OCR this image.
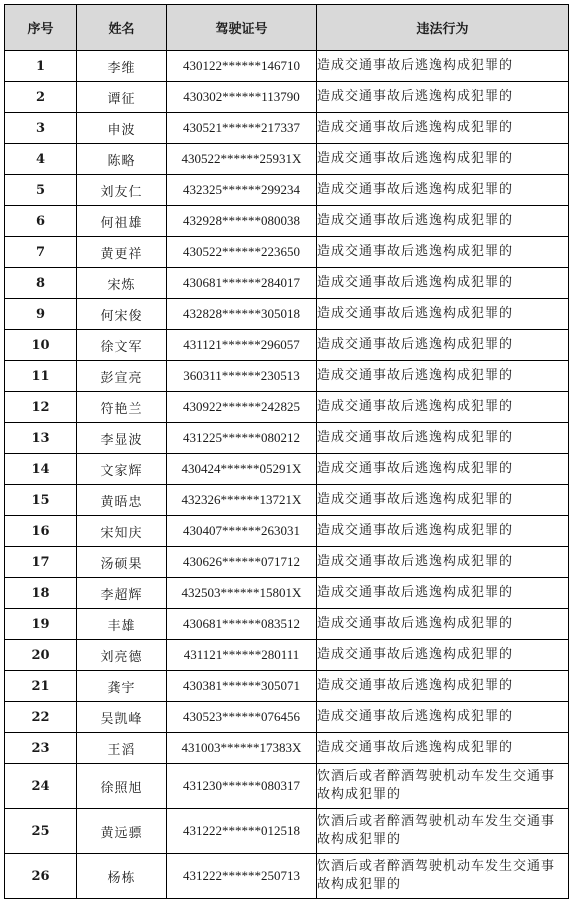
序号	姓名	驾驶证号	违法行为
1	李维	430122******146710	造成交通事故后逃逸构成犯罪的
2	谭征	430302******113790	造成交通事故后逃逸构成犯罪的
3	申波	430521******217337	造成交通事故后逃逸构成犯罪的
4	陈略	430522******25931X	造成交通事故后逃逸构成犯罪的
5	刘友仁	432325******299234	造成交通事故后逃逸构成犯罪的
6	何祖雄	432928******080038	造成交通事故后逃逸构成犯罪的
7	黄更祥	430522******223650	造成交通事故后逃逸构成犯罪的
8	宋炼	430681******284017	造成交通事故后逃逸构成犯罪的
9	何宋俊	432828******305018	造成交通事故后逃逸构成犯罪的
10	徐文军	431121******296057	造成交通事故后逃逸构成犯罪的
11	彭宣亮	360311******230513	造成交通事故后逃逸构成犯罪的
12	符艳兰	430922******242825	造成交通事故后逃逸构成犯罪的
13	李显波	431225******080212	造成交通事故后逃逸构成犯罪的
14	文家辉	430424******05291X	造成交通事故后逃逸构成犯罪的
15	黄晤忠	432326******13721X	造成交通事故后逃逸构成犯罪的
16	宋知庆	430407******263031	造成交通事故后逃逸构成犯罪的
17	汤硕果	430626******071712	造成交通事故后逃逸构成犯罪的
18	李超辉	432503******15801X	造成交通事故后逃逸构成犯罪的
19	丰雄	430681******083512	造成交通事故后逃逸构成犯罪的
20	刘亮德	431121******280111	造成交通事故后逃逸构成犯罪的
21	龚宇	430381******305071	造成交通事故后逃逸构成犯罪的
22	吴凯峰	430523******076456	造成交通事故后逃逸构成犯罪的
23	王滔	431003******17383X	造成交通事故后逃逸构成犯罪的
24	徐照旭	431230******080317	饮酒后或者醉酒驾驶机动车发生交通事故构成犯罪的
25	黄远骠	431222******012518	饮酒后或者醉酒驾驶机动车发生交通事故构成犯罪的
26	杨栋	431222******250713	饮酒后或者醉酒驾驶机动车发生交通事故构成犯罪的
